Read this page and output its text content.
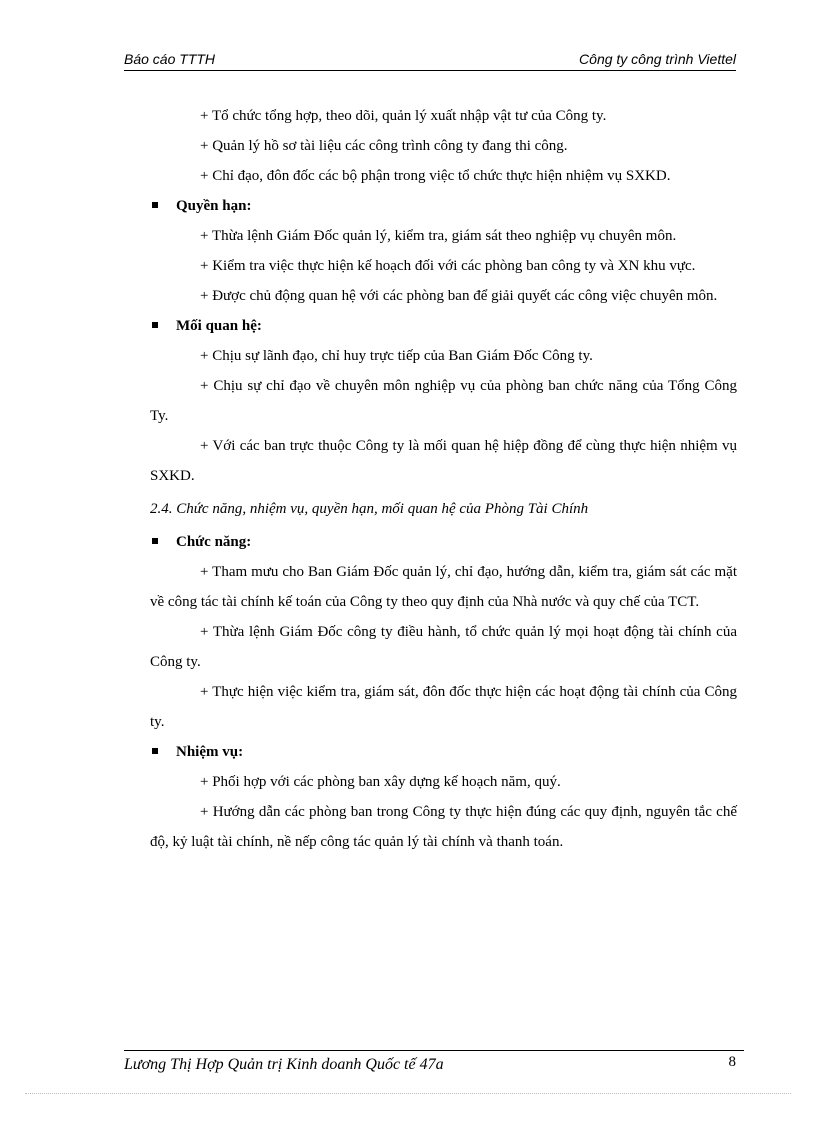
Báo cáo TTTH	Công ty công trình Viettel

+ Tổ chức tổng hợp, theo dõi, quản lý xuất nhập vật tư của Công ty.

+ Quản lý hồ sơ tài liệu các công trình công ty đang thi công.

+ Chỉ đạo, đôn đốc các bộ phận trong việc tổ chức thực hiện nhiệm vụ SXKD.

Quyền hạn:

+ Thừa lệnh Giám Đốc quản lý, kiểm tra, giám sát theo nghiệp vụ chuyên môn.

+ Kiểm tra việc thực hiện kế hoạch đối với các phòng ban công ty và XN khu vực.

+ Được chủ động quan hệ với các phòng ban để giải quyết các công việc chuyên môn.

Mối quan hệ:

+ Chịu sự lãnh đạo, chỉ huy trực tiếp của Ban Giám Đốc Công ty.

+ Chịu sự chỉ đạo về chuyên môn nghiệp vụ của phòng ban chức năng của Tổng Công Ty.

+ Với các ban trực thuộc Công ty là mối quan hệ hiệp đồng để cùng thực hiện nhiệm vụ SXKD.

2.4. Chức năng, nhiệm vụ, quyền hạn, mối quan hệ của Phòng Tài Chính

Chức năng:

+ Tham mưu cho Ban Giám Đốc quản lý, chỉ đạo, hướng dẫn, kiểm tra, giám sát các mặt về công tác tài chính kế toán của Công ty theo quy định của Nhà nước và quy chế của TCT.

+ Thừa lệnh Giám Đốc công ty điều hành, tổ chức quản lý mọi hoạt động tài chính của Công ty.

+ Thực hiện việc kiểm tra, giám sát, đôn đốc thực hiện các hoạt động tài chính của Công ty.

Nhiệm vụ:

+ Phối hợp với các phòng ban xây dựng kế hoạch năm, quý.

+ Hướng dẫn các phòng ban trong Công ty thực hiện đúng các quy định, nguyên tắc chế độ, kỷ luật tài chính, nề nếp công tác quản lý tài chính và thanh toán.

Lương Thị Hợp Quản trị Kinh doanh Quốc tế 47a	8
